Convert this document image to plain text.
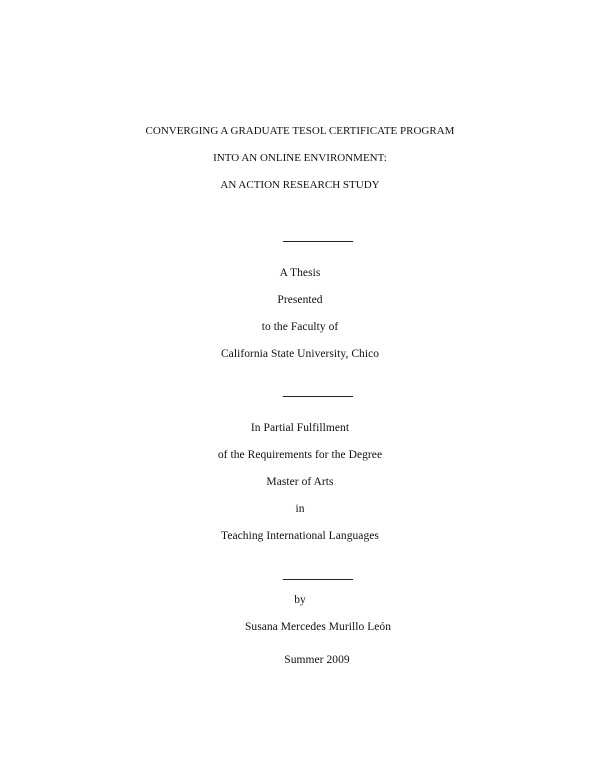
CONVERGING A GRADUATE TESOL CERTIFICATE PROGRAM
INTO AN ONLINE ENVIRONMENT:
AN ACTION RESEARCH STUDY
A Thesis
Presented
to the Faculty of
California State University, Chico
In Partial Fulfillment
of the Requirements for the Degree
Master of Arts
in
Teaching International Languages
by
Susana Mercedes Murillo León
Summer 2009
